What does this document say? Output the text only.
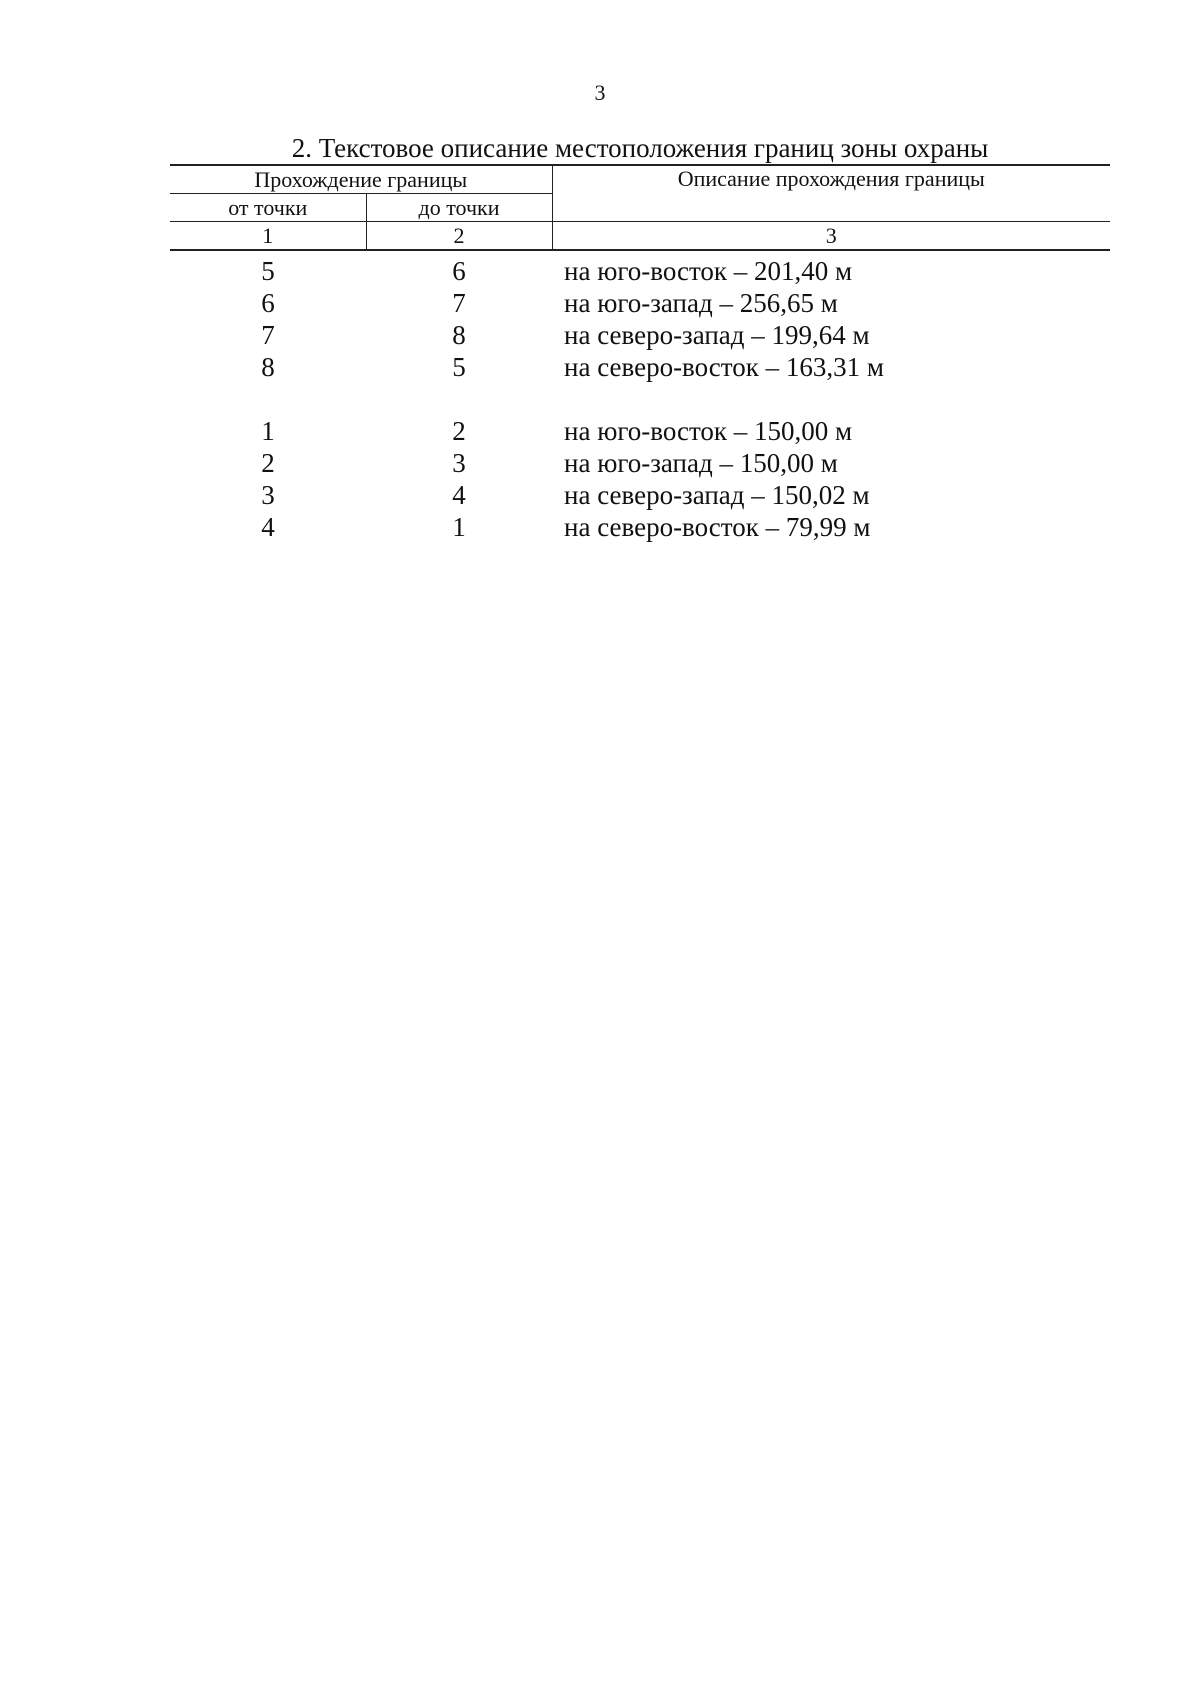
3
2. Текстовое описание местоположения границ зоны охраны
Прохождение границы		Описание прохождения границы
от точки	до точки	
1	2	3
5	6	на юго-восток – 201,40 м
6	7	на юго-запад – 256,65 м
7	8	на северо-запад – 199,64 м
8	5	на северо-восток – 163,31 м

1	2	на юго-восток – 150,00 м
2	3	на юго-запад – 150,00 м
3	4	на северо-запад – 150,02 м
4	1	на северо-восток – 79,99 м
